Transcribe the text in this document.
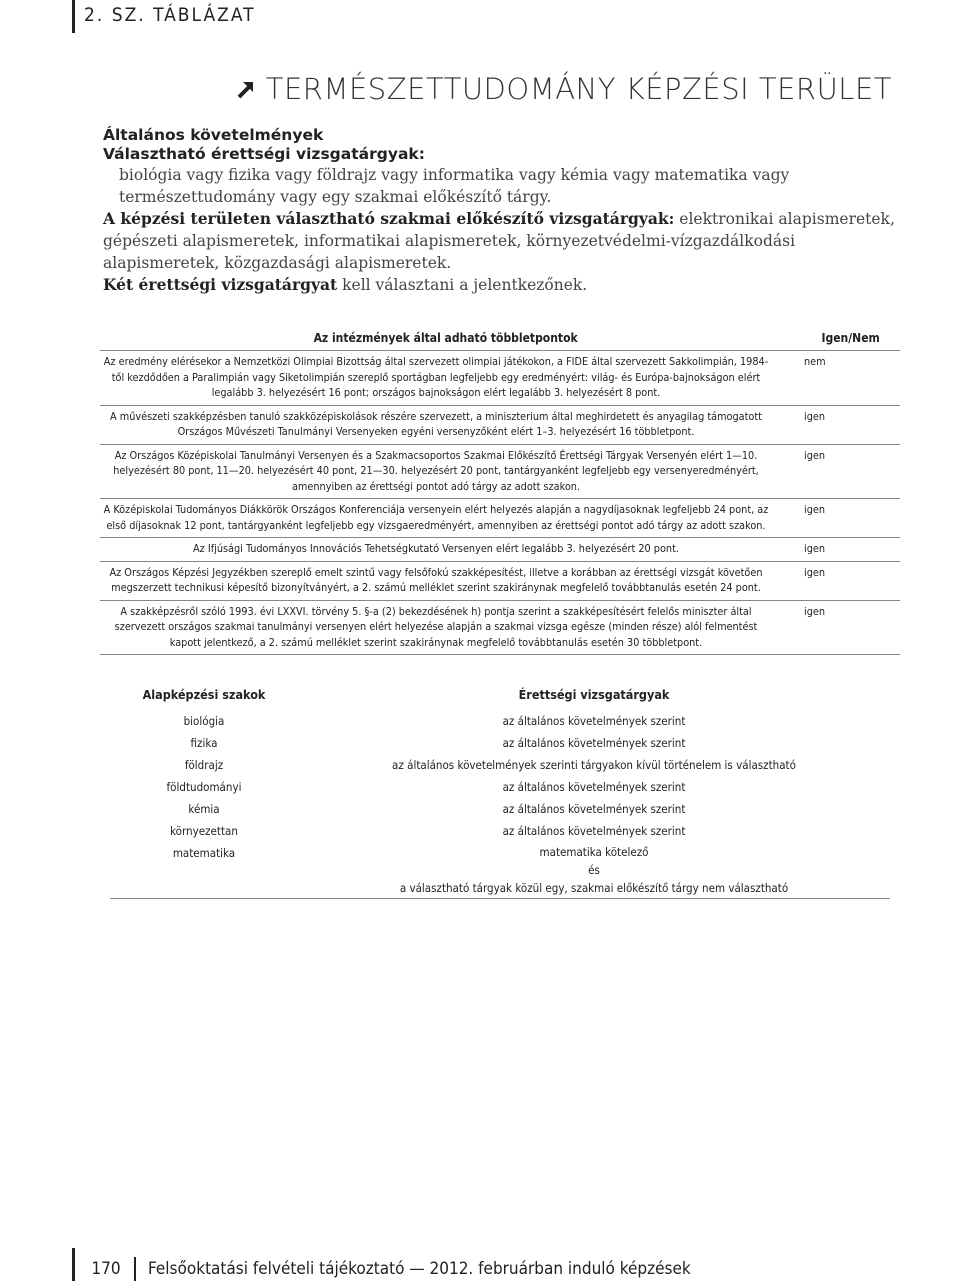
2. SZ. TÁBLÁZAT
TERMÉSZETTUDOMÁNY KÉPZÉSI TERÜLET
Általános követelmények
Választható érettségi vizsgatárgyak:

biológia vagy fizika vagy földrajz vagy informatika vagy kémia vagy matematika vagy természettudomány vagy egy szakmai előkészítő tárgy.

A képzési területen választható szakmai előkészítő vizsgatárgyak: elektronikai alapismeretek, gépészeti alapismeretek, informatikai alapismeretek, környezetvédelmi-vízgazdálkodási alapismeretek, közgazdasági alapismeretek.

Két érettségi vizsgatárgyat kell választani a jelentkezőnek.

Az intézmények által adható többletpontok	Igen/Nem
Az eredmény elérésekor a Nemzetközi Olimpiai Bizottság által szervezett olimpiai játékokon, a FIDE által szervezett Sakkolimpián, 1984-től kezdődően a Paralimpián vagy Siketolimpián szereplő sportágban legfeljebb egy eredményért: világ- és Európa-bajnokságon elért legalább 3. helyezésért 16 pont; országos bajnokságon elért legalább 3. helyezésért 8 pont.
nem
A művészeti szakképzésben tanuló szakközépiskolások részére szervezett, a miniszterium által meghirdetett és anyagilag támogatott Országos Művészeti Tanulmányi Versenyeken egyéni versenyzőként elért 1–3. helyezésért 16 többletpont.
igen
Az Országos Középiskolai Tanulmányi Versenyen és a Szakmacsoportos Szakmai Előkészítő Érettségi Tárgyak Versenyén elért 1—10. helyezésért 80 pont, 11—20. helyezésért 40 pont, 21—30. helyezésért 20 pont, tantárgyanként legfeljebb egy versenyeredményért, amennyiben az érettségi pontot adó tárgy az adott szakon.
igen
A Középiskolai Tudományos Diákkörök Országos Konferenciája versenyein elért helyezés alapján a nagydíjasoknak legfeljebb 24 pont, az első díjasoknak 12 pont, tantárgyanként legfeljebb egy vizsgaeredményért, amennyiben az érettségi pontot adó tárgy az adott szakon.
igen
Az Ifjúsági Tudományos Innovációs Tehetségkutató Versenyen elért legalább 3. helyezésért 20 pont.	igen
Az Országos Képzési Jegyzékben szereplő emelt szintű vagy felsőfokú szakképesítést, illetve a korábban az érettségi vizsgát követően megszerzett technikusi képesítő bizonyítványért, a 2. számú melléklet szerint szakiránynak megfelelő továbbtanulás esetén 24 pont.
igen
A szakképzésről szóló 1993. évi LXXVI. törvény 5. §-a (2) bekezdésének h) pontja szerint a szakképesítésért felelős miniszter által szervezett országos szakmai tanulmányi versenyen elért helyezése alapján a szakmai vizsga egésze (minden része) alól felmentést kapott jelentkező, a 2. számú melléklet szerint szakiránynak megfelelő továbbtanulás esetén 30 többletpont.
igen
Alapképzési szakok	Érettségi vizsgatárgyak
biológia	az általános követelmények szerint
fizika	az általános követelmények szerint
földrajz	az általános követelmények szerinti tárgyakon kívül történelem is választható
földtudományi	az általános követelmények szerint
kémia	az általános követelmények szerint
környezettan	az általános követelmények szerint
matematika	matematika kötelező
és
a választható tárgyak közül egy, szakmai előkészítő tárgy nem választható
170	Felsőoktatási felvételi tájékoztató — 2012. februárban induló képzések
